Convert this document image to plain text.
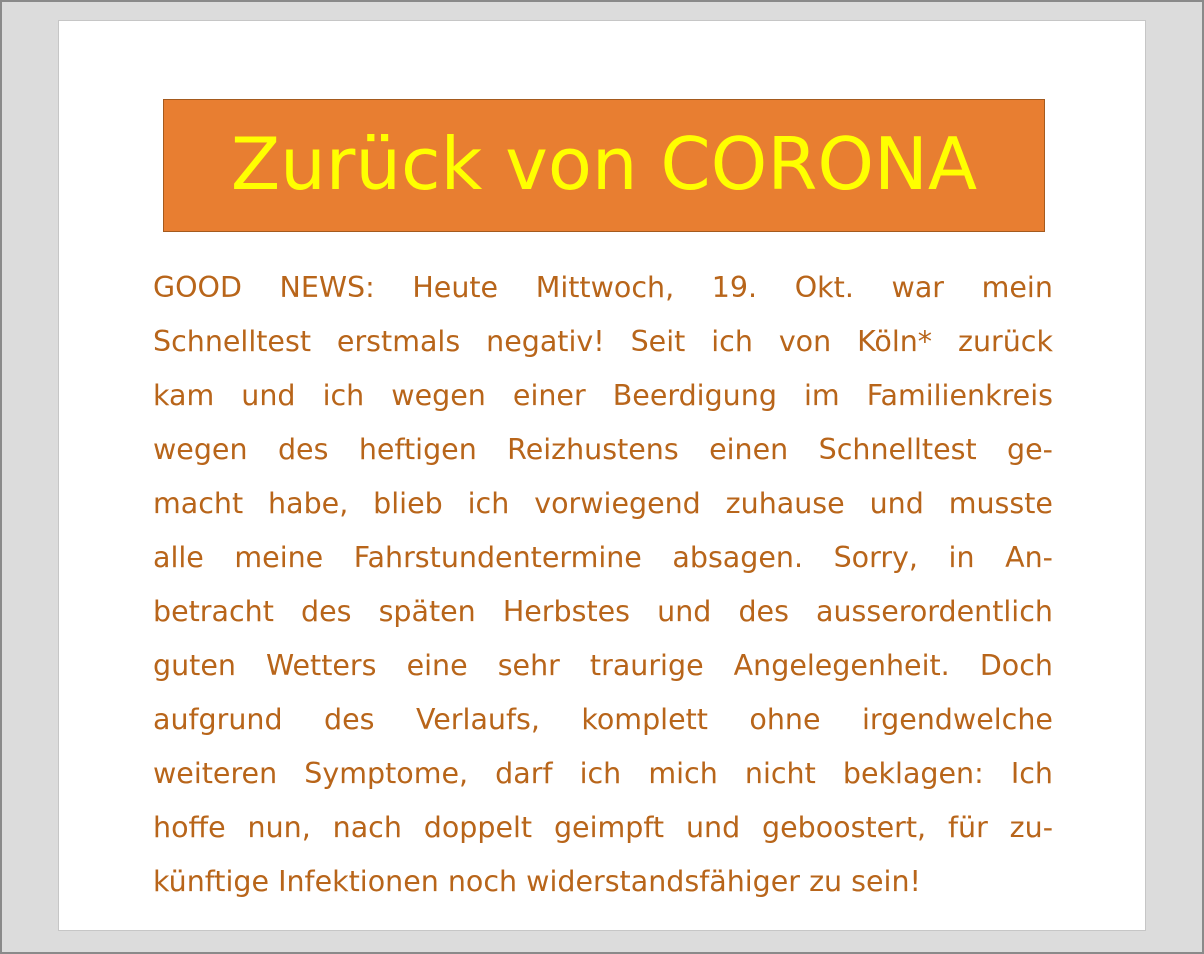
Zurück von CORONA
GOOD NEWS: Heute Mittwoch, 19. Okt. war mein
Schnelltest erstmals negativ! Seit ich von Köln* zurück
kam und ich wegen einer Beerdigung im Familienkreis
wegen des heftigen Reizhustens einen Schnelltest ge-
macht habe, blieb ich vorwiegend zuhause und musste
alle meine Fahrstundentermine absagen. Sorry, in An-
betracht des späten Herbstes und des ausserordentlich
guten Wetters eine sehr traurige Angelegenheit. Doch
aufgrund des Verlaufs, komplett ohne irgendwelche
weiteren Symptome, darf ich mich nicht beklagen: Ich
hoffe nun, nach doppelt geimpft und geboostert, für zu-
künftige Infektionen noch widerstandsfähiger zu sein!
